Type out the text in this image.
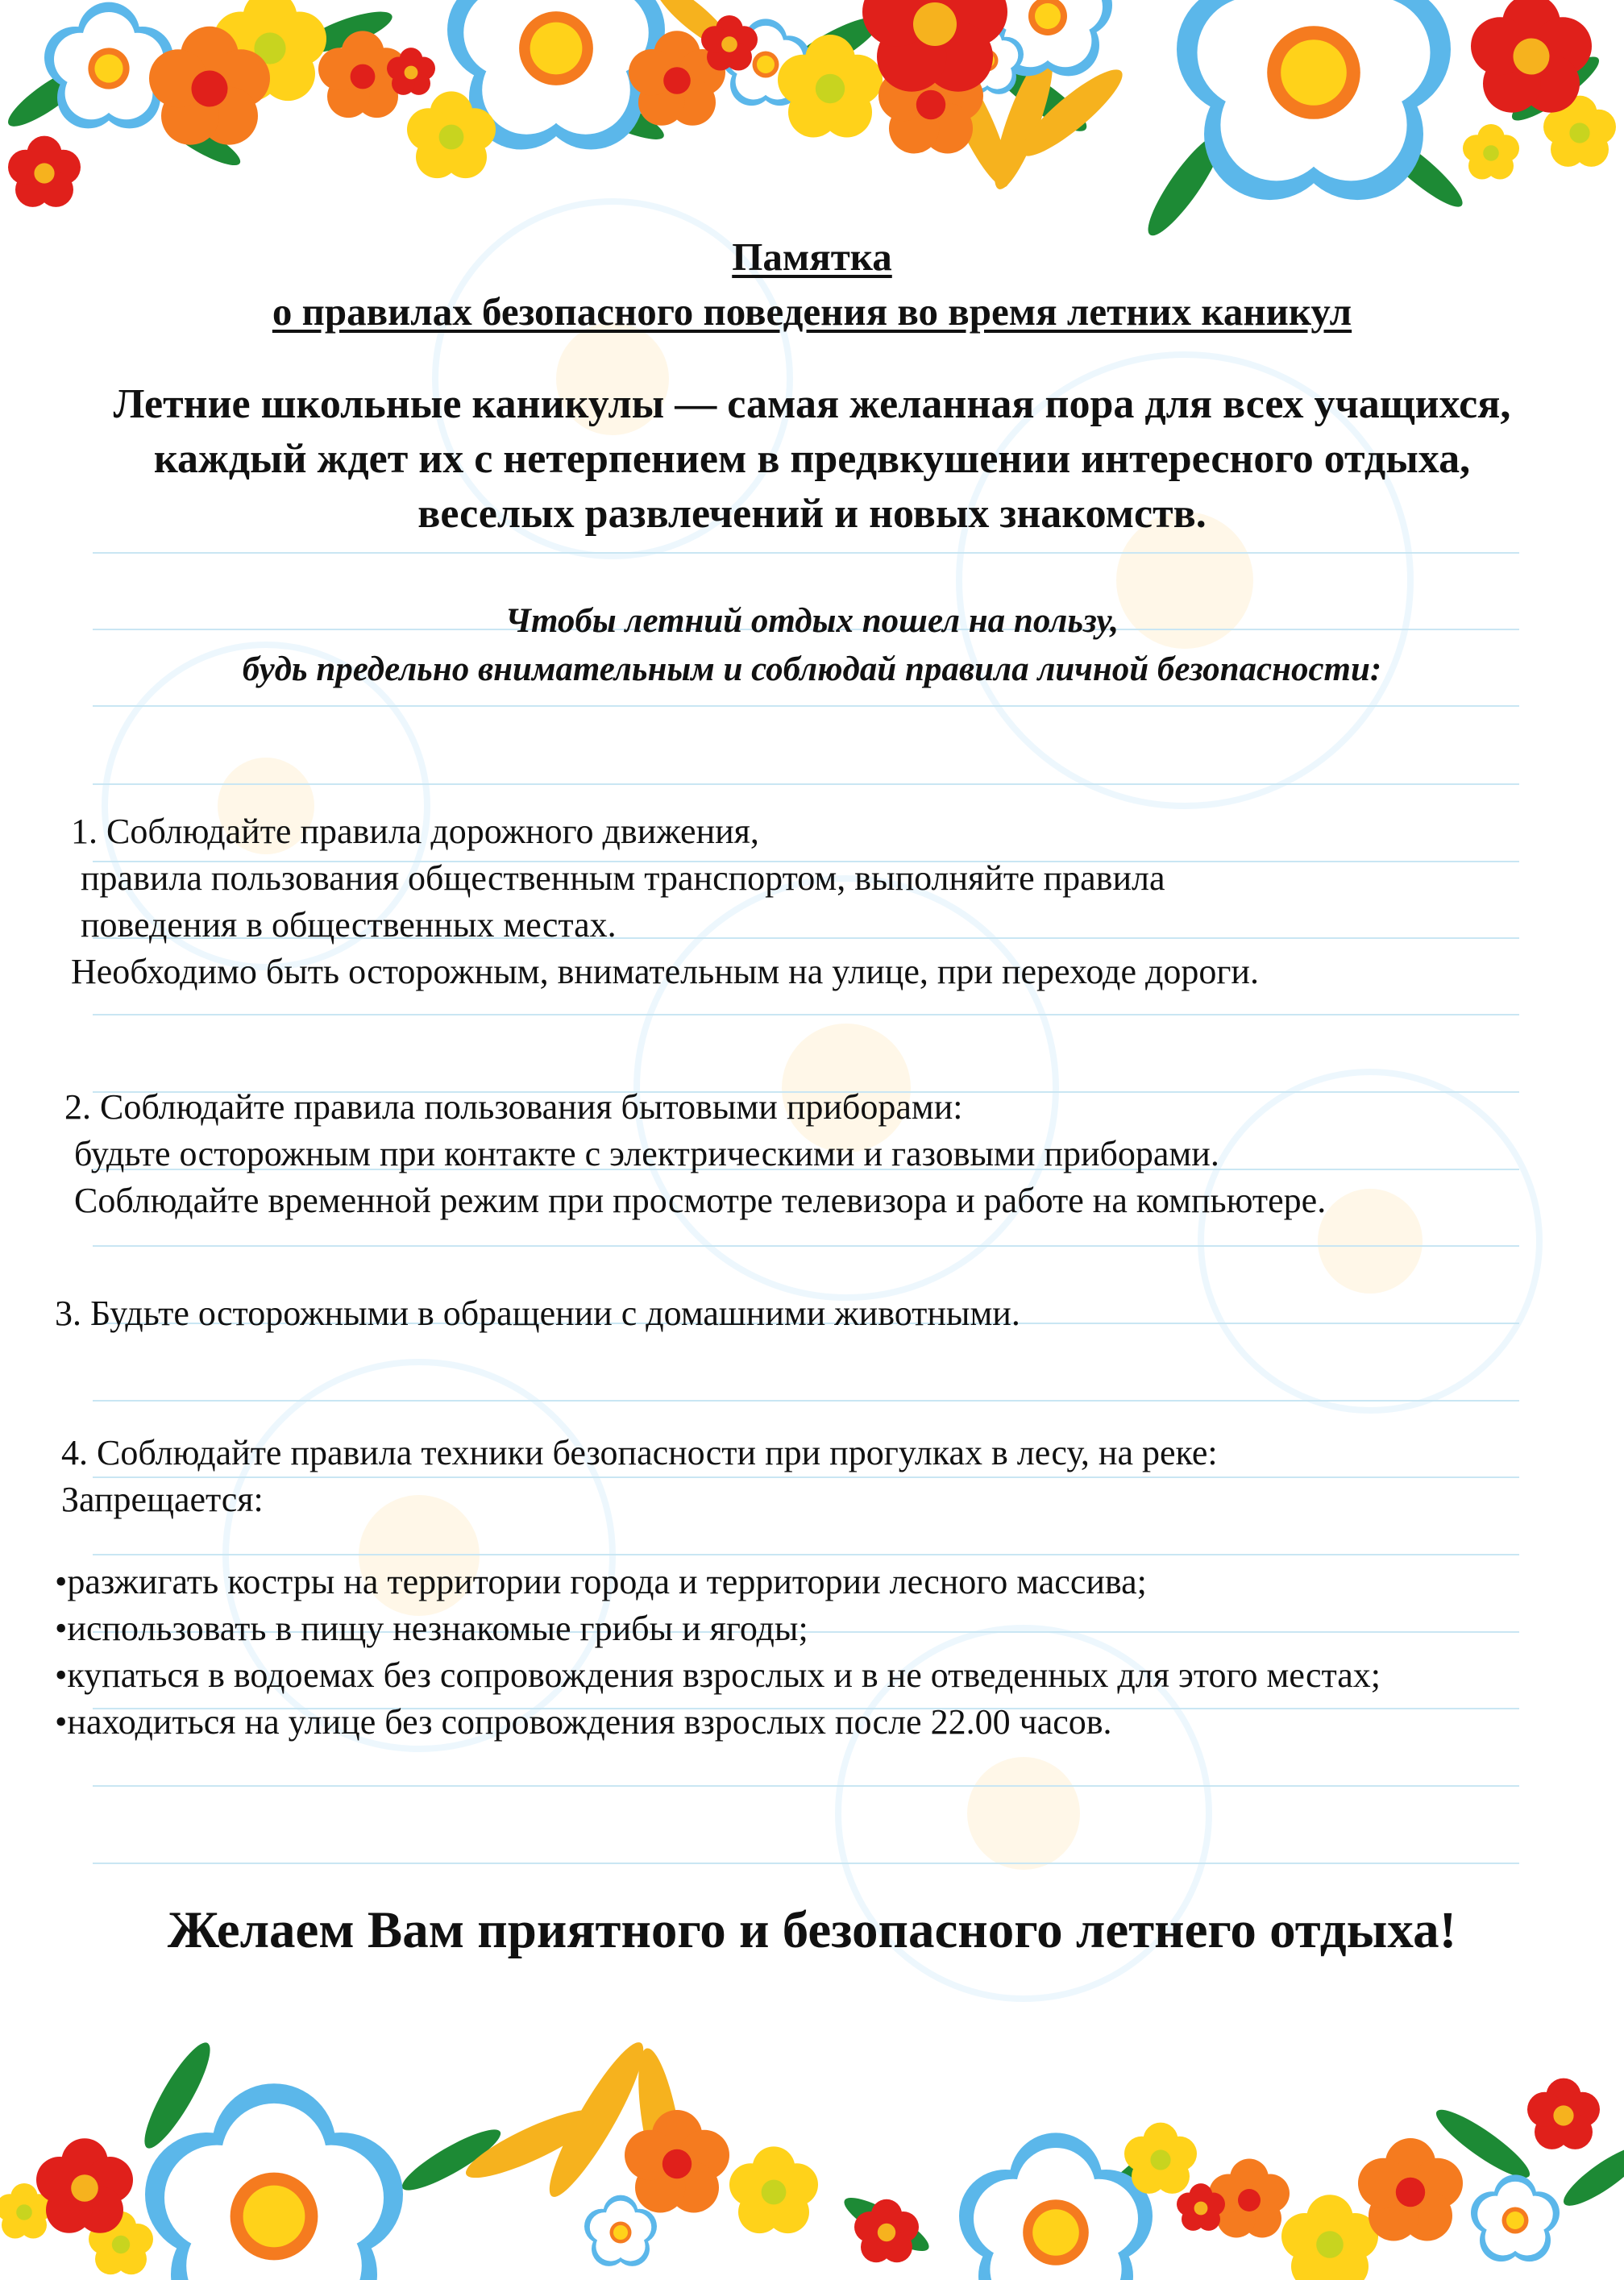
Памятка
о правилах безопасного поведения во время летних каникул
Летние школьные каникулы — самая желанная пора для всех учащихся,
каждый ждет их с нетерпением в предвкушении интересного отдыха,
веселых развлечений и новых знакомств.
Чтобы летний отдых пошел на пользу,
будь предельно внимательным и соблюдай правила личной безопасности:
1. Соблюдайте правила дорожного движения,
правила пользования общественным транспортом, выполняйте правила
поведения в общественных местах.
Необходимо быть осторожным, внимательным на улице, при переходе дороги.
2. Соблюдайте правила пользования бытовыми приборами:
будьте осторожным при контакте с электрическими и газовыми приборами.
Соблюдайте временной режим при просмотре телевизора и работе на компьютере.
3. Будьте осторожными в обращении с домашними животными.
4. Соблюдайте правила техники безопасности при прогулках в лесу, на реке:
Запрещается:
•разжигать костры на территории города и территории лесного массива;
•использовать в пищу незнакомые грибы и ягоды;
•купаться в водоемах без сопровождения взрослых и в не отведенных для этого местах;
•находиться на улице без сопровождения взрослых после 22.00 часов.
Желаем Вам приятного и безопасного летнего отдыха!
